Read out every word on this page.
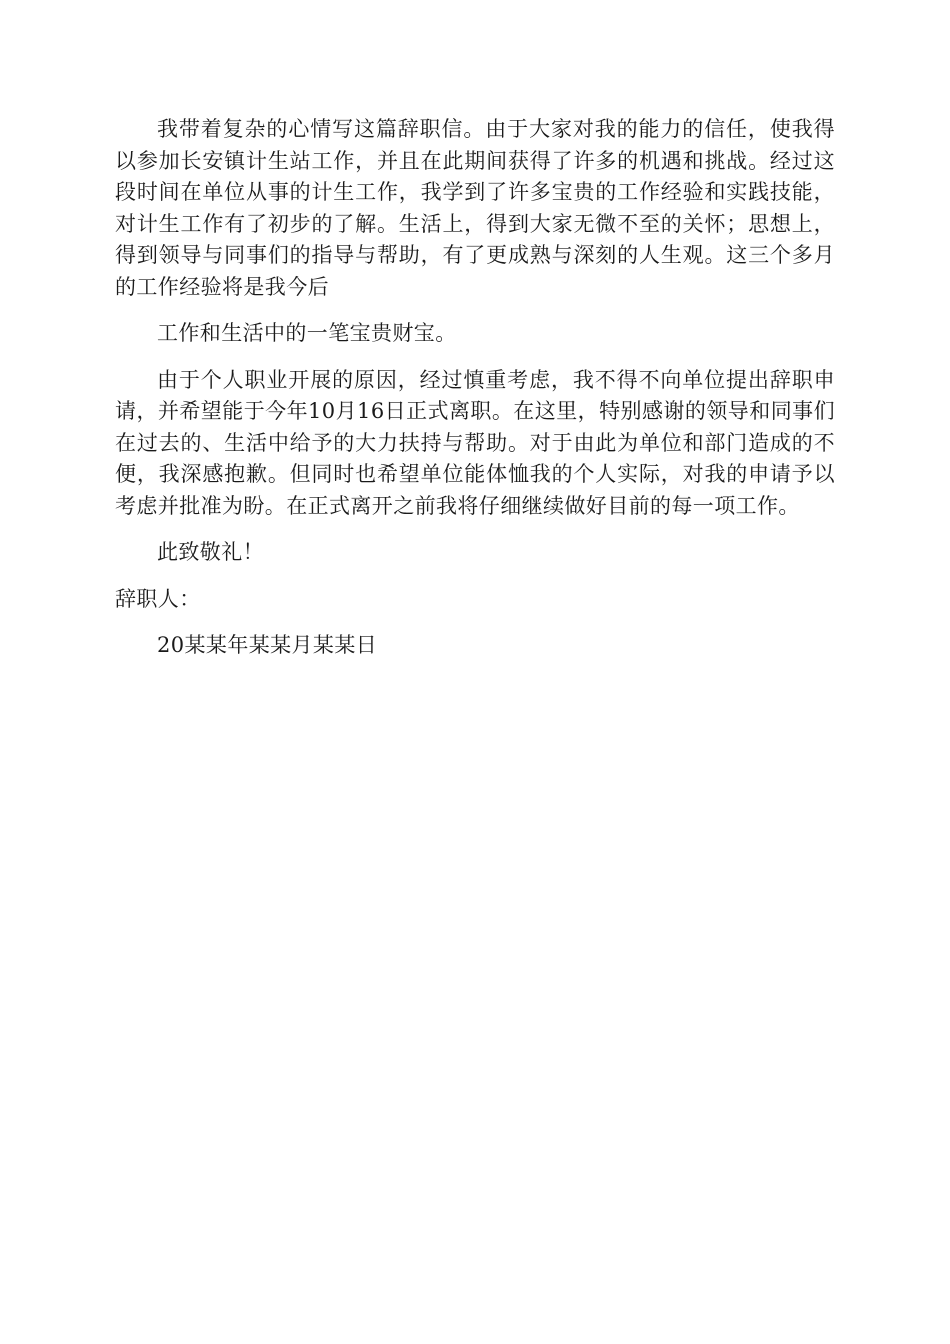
我带着复杂的心情写这篇辞职信。由于大家对我的能力的信任，使我得以参加长安镇计生站工作，并且在此期间获得了许多的机遇和挑战。经过这段时间在单位从事的计生工作，我学到了许多宝贵的工作经验和实践技能，对计生工作有了初步的了解。生活上，得到大家无微不至的关怀；思想上，得到领导与同事们的指导与帮助，有了更成熟与深刻的人生观。这三个多月的工作经验将是我今后

工作和生活中的一笔宝贵财宝。

由于个人职业开展的原因，经过慎重考虑，我不得不向单位提出辞职申请，并希望能于今年10月16日正式离职。在这里，特别感谢的领导和同事们在过去的、生活中给予的大力扶持与帮助。对于由此为单位和部门造成的不便，我深感抱歉。但同时也希望单位能体恤我的个人实际，对我的申请予以考虑并批准为盼。在正式离开之前我将仔细继续做好目前的每一项工作。

此致敬礼！

辞职人：

20某某年某某月某某日
